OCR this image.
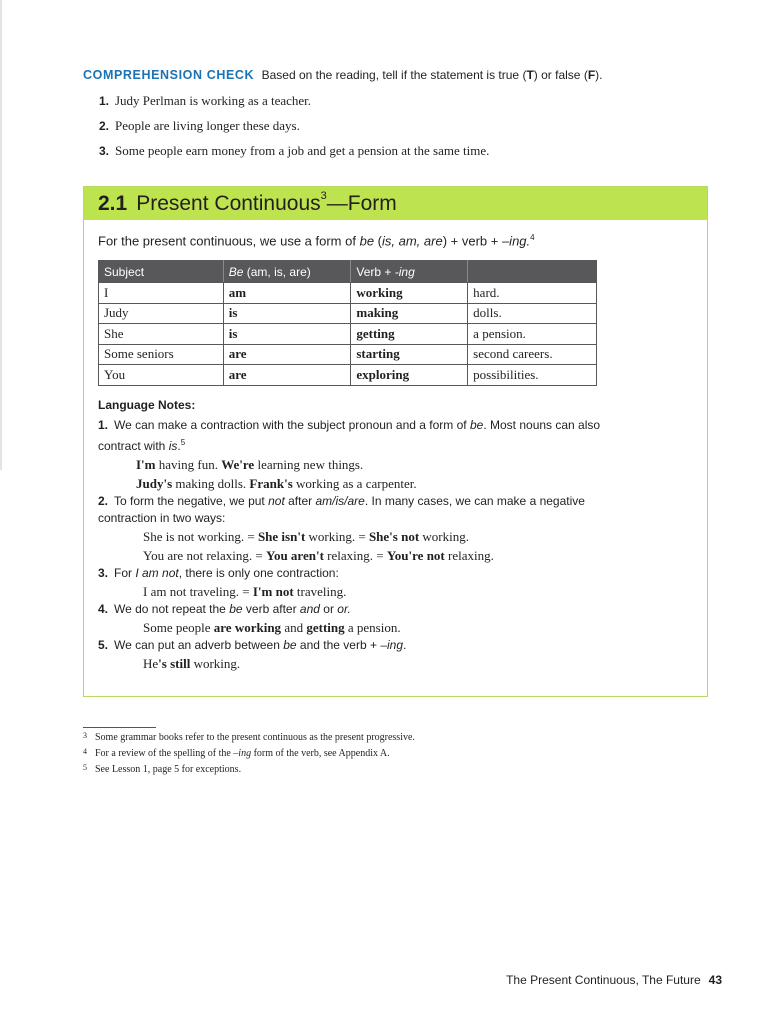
COMPREHENSION CHECK Based on the reading, tell if the statement is true (T) or false (F).
1. Judy Perlman is working as a teacher.
2. People are living longer these days.
3. Some people earn money from a job and get a pension at the same time.
2.1 Present Continuous$^3$—Form
For the present continuous, we use a form of be (is, am, are) + verb + –ing.$^4$
Subject	Be (am, is, are)	Verb + -ing	
I	am	working	hard.
Judy	is	making	dolls.
She	is	getting	a pension.
Some seniors	are	starting	second careers.
You	are	exploring	possibilities.
Language Notes:
1. We can make a contraction with the subject pronoun and a form of be. Most nouns can also
contract with is.$^5$
I'm having fun. We're learning new things.
Judy's making dolls. Frank's working as a carpenter.
2. To form the negative, we put not after am/is/are. In many cases, we can make a negative
contraction in two ways:
She is not working. = She isn't working. = She's not working.
You are not relaxing. = You aren't relaxing. = You're not relaxing.
3. For I am not, there is only one contraction:
I am not traveling. = I'm not traveling.
4. We do not repeat the be verb after and or or.
Some people are working and getting a pension.
5. We can put an adverb between be and the verb + –ing.
He's still working.
3 Some grammar books refer to the present continuous as the present progressive.
4 For a review of the spelling of the –ing form of the verb, see Appendix A.
5 See Lesson 1, page 5 for exceptions.
The Present Continuous, The Future 43
